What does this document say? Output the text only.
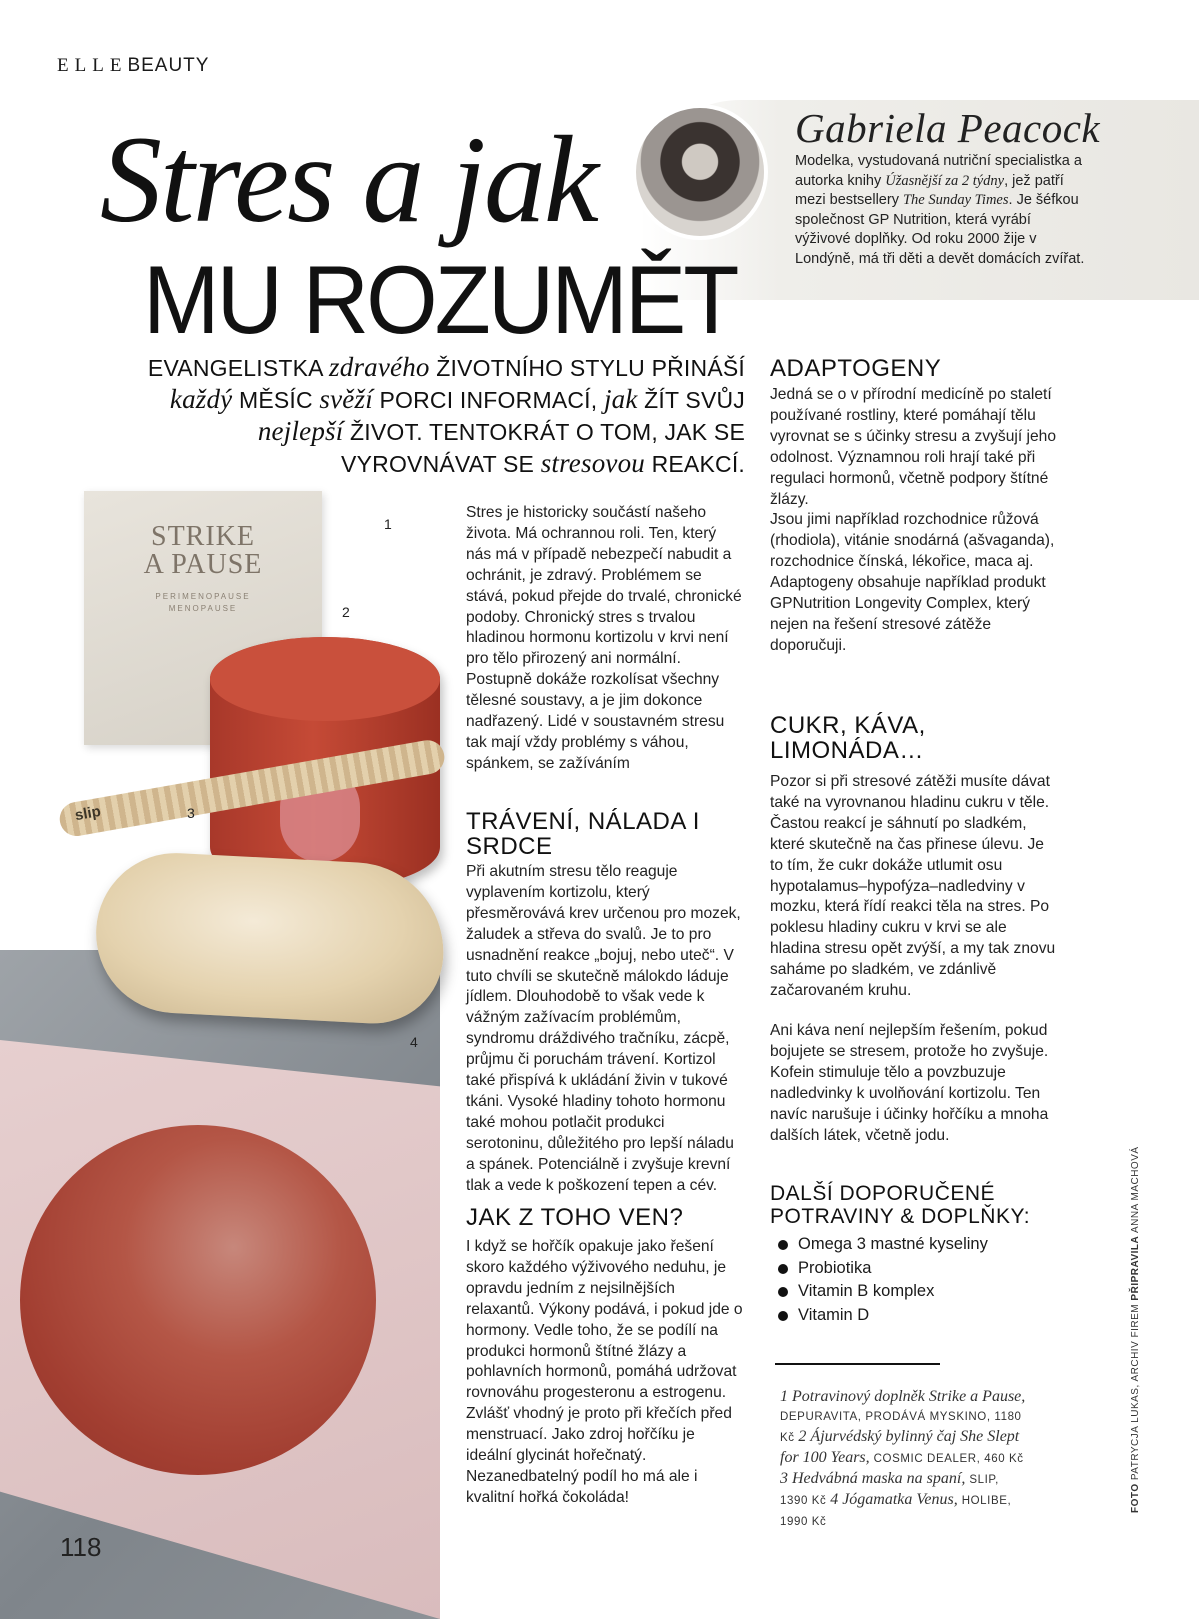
ELLEBEAUTY
Gabriela Peacock
Modelka, vystudovaná nutriční specialistka a autorka knihy Úžasnější za 2 týdny, jež patří mezi bestsellery The Sunday Times. Je šéfkou společnost GP Nutrition, která vyrábí výživové doplňky. Od roku 2000 žije v Londýně, má tři děti a devět domácích zvířat.
Stres a jak
MU ROZUMĚT
EVANGELISTKA zdravého ŽIVOTNÍHO STYLU PŘINÁŠÍ každý MĚSÍC svěží PORCI INFORMACÍ, jak ŽÍT SVŮJ nejlepší ŽIVOT. TENTOKRÁT O TOM, JAK SE VYROVNÁVAT SE stresovou REAKCÍ.
STRIKE
A PAUSE
PERIMENOPAUSE
MENOPAUSE
slip
1
2
3
4

Stres je historicky součástí našeho života. Má ochrannou roli. Ten, který nás má v případě nebezpečí nabudit a ochránit, je zdravý. Problémem se stává, pokud přejde do trvalé, chronické podoby. Chronický stres s trvalou hladinou hormonu kortizolu v krvi není pro tělo přirozený ani normální. Postupně dokáže rozkolísat všechny tělesné soustavy, a je jim dokonce nadřazený. Lidé v soustavném stresu tak mají vždy problémy s váhou, spánkem, se zažíváním

TRÁVENÍ, NÁLADA I SRDCE

Při akutním stresu tělo reaguje vyplavením kortizolu, který přesměrovává krev určenou pro mozek, žaludek a střeva do svalů. Je to pro usnadnění reakce „bojuj, nebo uteč“. V tuto chvíli se skutečně málokdo láduje jídlem. Dlouhodobě to však vede k vážným zažívacím problémům, syndromu dráždivého tračníku, zácpě, průjmu či poruchám trávení. Kortizol také přispívá k ukládání živin v tukové tkáni. Vysoké hladiny tohoto hormonu také mohou potlačit produkci serotoninu, důležitého pro lepší náladu a spánek. Potenciálně i zvyšuje krevní tlak a vede k poškození tepen a cév.

JAK Z TOHO VEN?

I když se hořčík opakuje jako řešení skoro každého výživového neduhu, je opravdu jedním z nejsilnějších relaxantů. Výkony podává, i pokud jde o hormony. Vedle toho, že se podílí na produkci hormonů štítné žlázy a pohlavních hormonů, pomáhá udržovat rovnováhu progesteronu a estrogenu. Zvlášť vhodný je proto při křečích před menstruací. Jako zdroj hořčíku je ideální glycinát hořečnatý. Nezanedbatelný podíl ho má ale i kvalitní hořká čokoláda!

ADAPTOGENY

Jedná se o v přírodní medicíně po staletí používané rostliny, které pomáhají tělu vyrovnat se s účinky stresu a zvyšují jeho odolnost. Významnou roli hrají také při regulaci hormonů, včetně podpory štítné žlázy.

Jsou jimi například rozchodnice růžová (rhodiola), vitánie snodárná (ašvaganda), rozchodnice čínská, lékořice, maca aj. Adaptogeny obsahuje například produkt GPNutrition Longevity Complex, který nejen na řešení stresové zátěže doporučuji.

CUKR, KÁVA, LIMONÁDA…

Pozor si při stresové zátěži musíte dávat také na vyrovnanou hladinu cukru v těle. Častou reakcí je sáhnutí po sladkém, které skutečně na čas přinese úlevu. Je to tím, že cukr dokáže utlumit osu hypotalamus–hypofýza–nadledviny v mozku, která řídí reakci těla na stres. Po poklesu hladiny cukru v krvi se ale hladina stresu opět zvýší, a my tak znovu saháme po sladkém, ve zdánlivě začarovaném kruhu.

Ani káva není nejlepším řešením, pokud bojujete se stresem, protože ho zvyšuje. Kofein stimuluje tělo a povzbuzuje nadledvinky k uvolňování kortizolu. Ten navíc narušuje i účinky hořčíku a mnoha dalších látek, včetně jodu.

DALŠÍ DOPORUČENÉ POTRAVINY & DOPLŇKY:
Omega 3 mastné kyseliny
Probiotika
Vitamin B komplex
Vitamin D
1 Potravinový doplněk Strike a Pause, DEPURAVITA, PRODÁVÁ MYSKINO, 1180 Kč 2 Ájurvédský bylinný čaj She Slept for 100 Years, COSMIC DEALER, 460 Kč 3 Hedvábná maska na spaní, SLIP, 1390 Kč 4 Jógamatka Venus, HOLIBE, 1990 Kč
FOTO PATRYCJA LUKAS, ARCHIV FIREM PŘIPRAVILA ANNA MACHOVÁ
118
